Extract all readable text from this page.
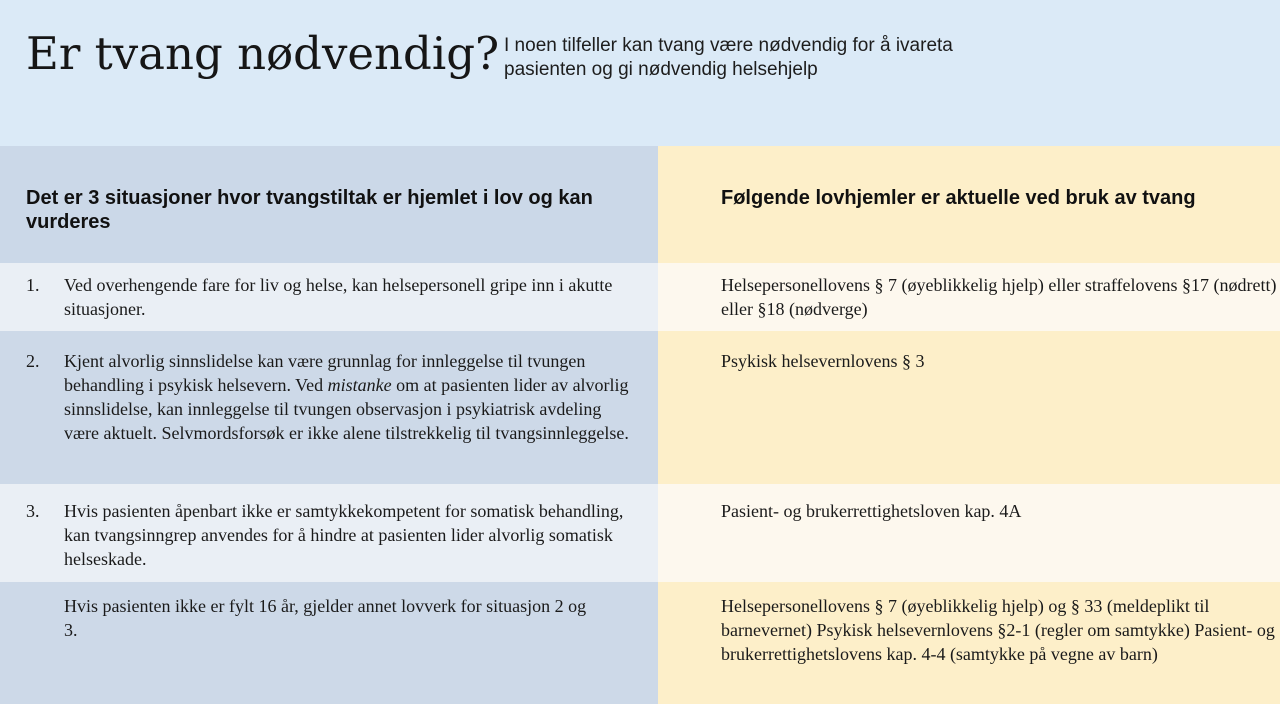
Er tvang nødvendig? I noen tilfeller kan tvang være nødvendig for å ivareta pasienten og gi nødvendig helsehjelp
Det er 3 situasjoner hvor tvangstiltak er hjemlet i lov og kan vurderes
Følgende lovhjemler er aktuelle ved bruk av tvang
1. Ved overhengende fare for liv og helse, kan helsepersonell gripe inn i akutte situasjoner.
Helsepersonellovens § 7 (øyeblikkelig hjelp) eller straffelovens §17 (nødrett) eller §18 (nødverge)
2. Kjent alvorlig sinnslidelse kan være grunnlag for innleggelse til tvungen behandling i psykisk helsevern. Ved mistanke om at pasienten lider av alvorlig sinnslidelse, kan innleggelse til tvungen observasjon i psykiatrisk avdeling være aktuelt. Selvmordsforsøk er ikke alene tilstrekkelig til tvangsinnleggelse.
Psykisk helsevernlovens § 3
3. Hvis pasienten åpenbart ikke er samtykkekompetent for somatisk behandling, kan tvangsinngrep anvendes for å hindre at pasienten lider alvorlig somatisk helseskade.
Pasient- og brukerrettighetsloven kap. 4A
Hvis pasienten ikke er fylt 16 år, gjelder annet lovverk for situasjon 2 og 3.
Helsepersonellovens § 7 (øyeblikkelig hjelp) og § 33 (meldeplikt til barnevernet) Psykisk helsevernlovens §2-1 (regler om samtykke) Pasient- og brukerrettighetslovens kap. 4-4 (samtykke på vegne av barn)
